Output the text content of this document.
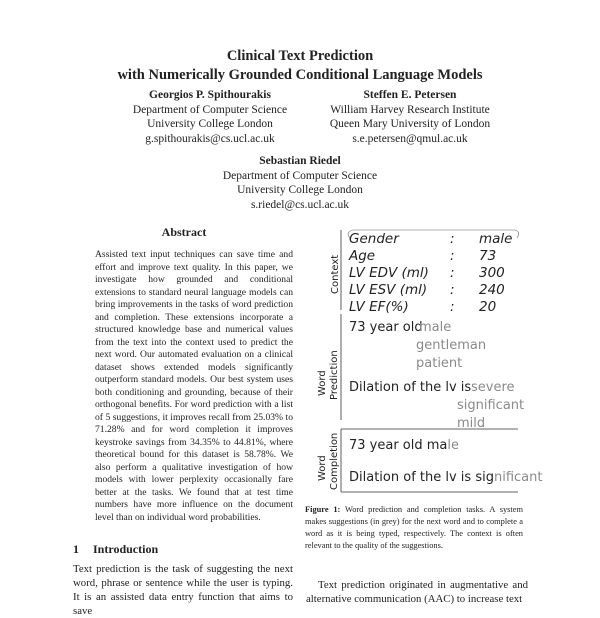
Clinical Text Prediction
with Numerically Grounded Conditional Language Models
Georgios P. Spithourakis
Department of Computer Science
University College London
g.spithourakis@cs.ucl.ac.uk
Steffen E. Petersen
William Harvey Research Institute
Queen Mary University of London
s.e.petersen@qmul.ac.uk
Sebastian Riedel
Department of Computer Science
University College London
s.riedel@cs.ucl.ac.uk
Abstract
Assisted text input techniques can save time and effort and improve text quality. In this paper, we investigate how grounded and conditional extensions to standard neural language models can bring improvements in the tasks of word prediction and completion. These extensions incorporate a structured knowledge base and numerical values from the text into the context used to predict the next word. Our automated evaluation on a clinical dataset shows extended models significantly outperform standard models. Our best system uses both conditioning and grounding, because of their orthogonal benefits. For word prediction with a list of 5 suggestions, it improves recall from 25.03% to 71.28% and for word completion it improves keystroke savings from 34.35% to 44.81%, where theoretical bound for this dataset is 58.78%. We also perform a qualitative investigation of how models with lower perplexity occasionally fare better at the tasks. We found that at test time numbers have more influence on the document level than on individual word probabilities.
1 Introduction
Text prediction is the task of suggesting the next word, phrase or sentence while the user is typing. It is an assisted data entry function that aims to save
Context
Word Prediction
Word Completion
Gender	: male
Age	: 73
LV EDV (ml) : 300
LV ESV (ml) : 240
LV EF(%)	: 20
73 year old
male
gentleman
patient
Dilation of the lv is severe
significant
mild
73 year old male
Dilation of the lv is significant
Figure 1: Word prediction and completion tasks. A system makes suggestions (in grey) for the next word and to complete a word as it is being typed, respectively. The context is often relevant to the quality of the suggestions.
Text prediction originated in augmentative and alternative communication (AAC) to increase text
